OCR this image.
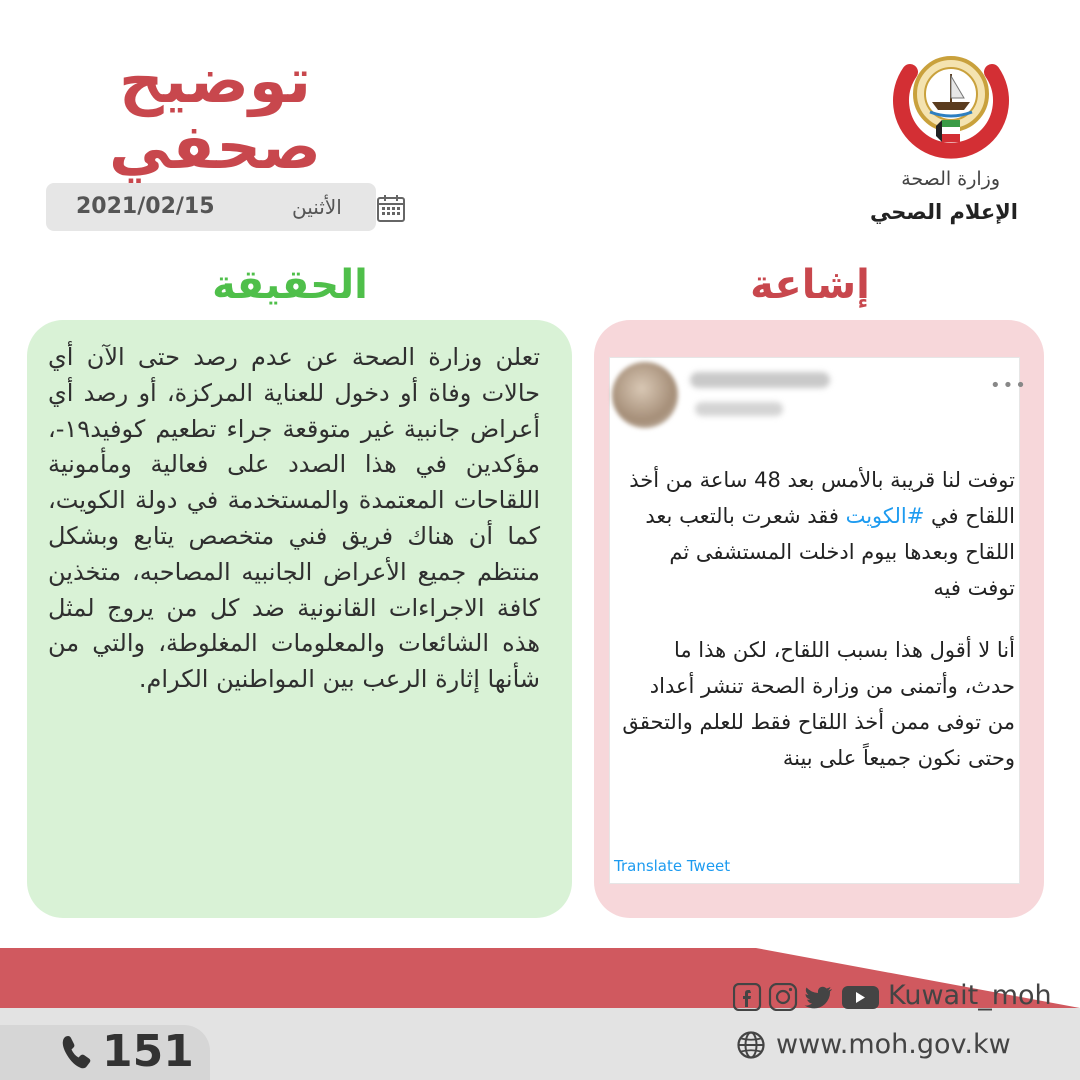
توضيح
صحفي
2021/02/15	الأثنين
وزارة الصحة
الإعلام الصحي
الحقيقة	إشاعة
تعلن وزارة الصحة عن عدم رصد حتى الآن أي حالات وفاة أو دخول للعناية المركزة، أو رصد أي أعراض جانبية غير متوقعة جراء تطعيم كوفيد١٩-، مؤكدين في هذا الصدد على فعالية ومأمونية اللقاحات المعتمدة والمستخدمة في دولة الكويت، كما أن هناك فريق فني متخصص يتابع وبشكل منتظم جميع الأعراض الجانبيه المصاحبه، متخذين كافة الاجراءات القانونية ضد كل من يروج لمثل هذه الشائعات والمعلومات المغلوطة، والتي من شأنها إثارة الرعب بين المواطنين الكرام.
•••
توفت لنا قريبة بالأمس بعد 48 ساعة من أخذ اللقاح في #الكويت فقد شعرت بالتعب بعد اللقاح وبعدها بيوم ادخلت المستشفى ثم توفت فيه
أنا لا أقول هذا بسبب اللقاح، لكن هذا ما حدث، وأتمنى من وزارة الصحة تنشر أعداد من توفى ممن أخذ اللقاح فقط للعلم والتحقق وحتى نكون جميعاً على بينة
Translate Tweet
Kuwait_moh
www.moh.gov.kw
151
